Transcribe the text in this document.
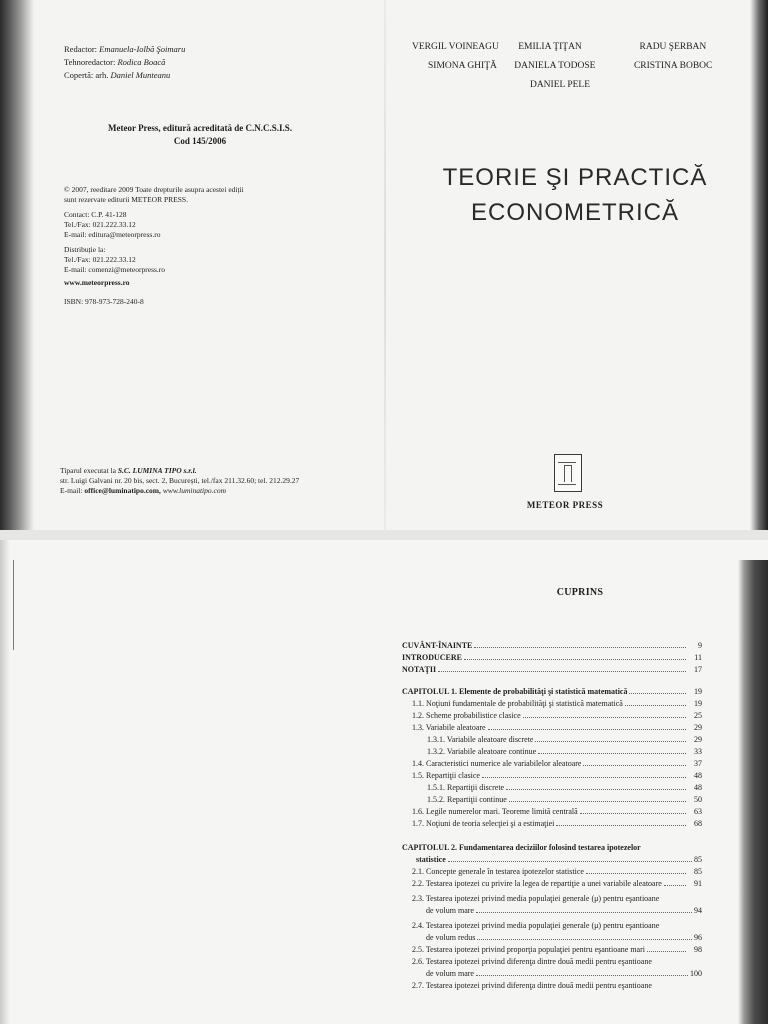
Redactor: Emanuela-Iolbă Şoimaru
Tehnoredactor: Rodica Boacă
Copertă: arh. Daniel Munteanu
Meteor Press, editură acreditată de C.N.C.S.I.S.
Cod 145/2006
© 2007, reeditare 2009 Toate drepturile asupra acestei ediții
sunt rezervate editurii METEOR PRESS.
Contact: C.P. 41-128
Tel./Fax: 021.222.33.12
E-mail: editura@meteorpress.ro
Distribuție la:
Tel./Fax: 021.222.33.12
E-mail: comenzi@meteorpress.ro
www.meteorpress.ro
ISBN: 978-973-728-240-8
Tiparul executat la S.C. LUMINA TIPO s.r.l.
str. Luigi Galvani nr. 20 bis, sect. 2, București, tel./fax 211.32.60; tel. 212.29.27
E-mail: office@luminatipo.com, www.luminatipo.com
VERGIL VOINEAGU	EMILIA ŢIŢAN	RADU ŞERBAN
SIMONA GHIŢĂ	DANIELA TODOSE	CRISTINA BOBOC
DANIEL PELE
TEORIE ŞI PRACTICĂ
ECONOMETRICĂ
METEOR PRESS
CUPRINS
CUVÂNT-ÎNAINTE	9
INTRODUCERE	11
NOTAŢII	17
CAPITOLUL 1. Elemente de probabilităţi şi statistică matematică	19
1.1. Noţiuni fundamentale de probabilităţi şi statistică matematică	19
1.2. Scheme probabilistice clasice	25
1.3. Variabile aleatoare	29
1.3.1. Variabile aleatoare discrete	29
1.3.2. Variabile aleatoare continue	33
1.4. Caracteristici numerice ale variabilelor aleatoare	37
1.5. Repartiţii clasice	48
1.5.1. Repartiţii discrete	48
1.5.2. Repartiţii continue	50
1.6. Legile numerelor mari. Teoreme limită centrală	63
1.7. Noţiuni de teoria selecţiei şi a estimaţiei	68
CAPITOLUL 2. Fundamentarea deciziilor folosind testarea ipotezelor
statistice	85
2.1. Concepte generale în testarea ipotezelor statistice	85
2.2. Testarea ipotezei cu privire la legea de repartiţie a unei variabile aleatoare	91
2.3. Testarea ipotezei privind media populaţiei generale (μ) pentru eşantioane
de volum mare	94
2.4. Testarea ipotezei privind media populaţiei generale (μ) pentru eşantioane
de volum redus	96
2.5. Testarea ipotezei privind proporţia populaţiei pentru eşantioane mari	98
2.6. Testarea ipotezei privind diferenţa dintre două medii pentru eşantioane
de volum mare	100
2.7. Testarea ipotezei privind diferenţa dintre două medii pentru eşantioane
